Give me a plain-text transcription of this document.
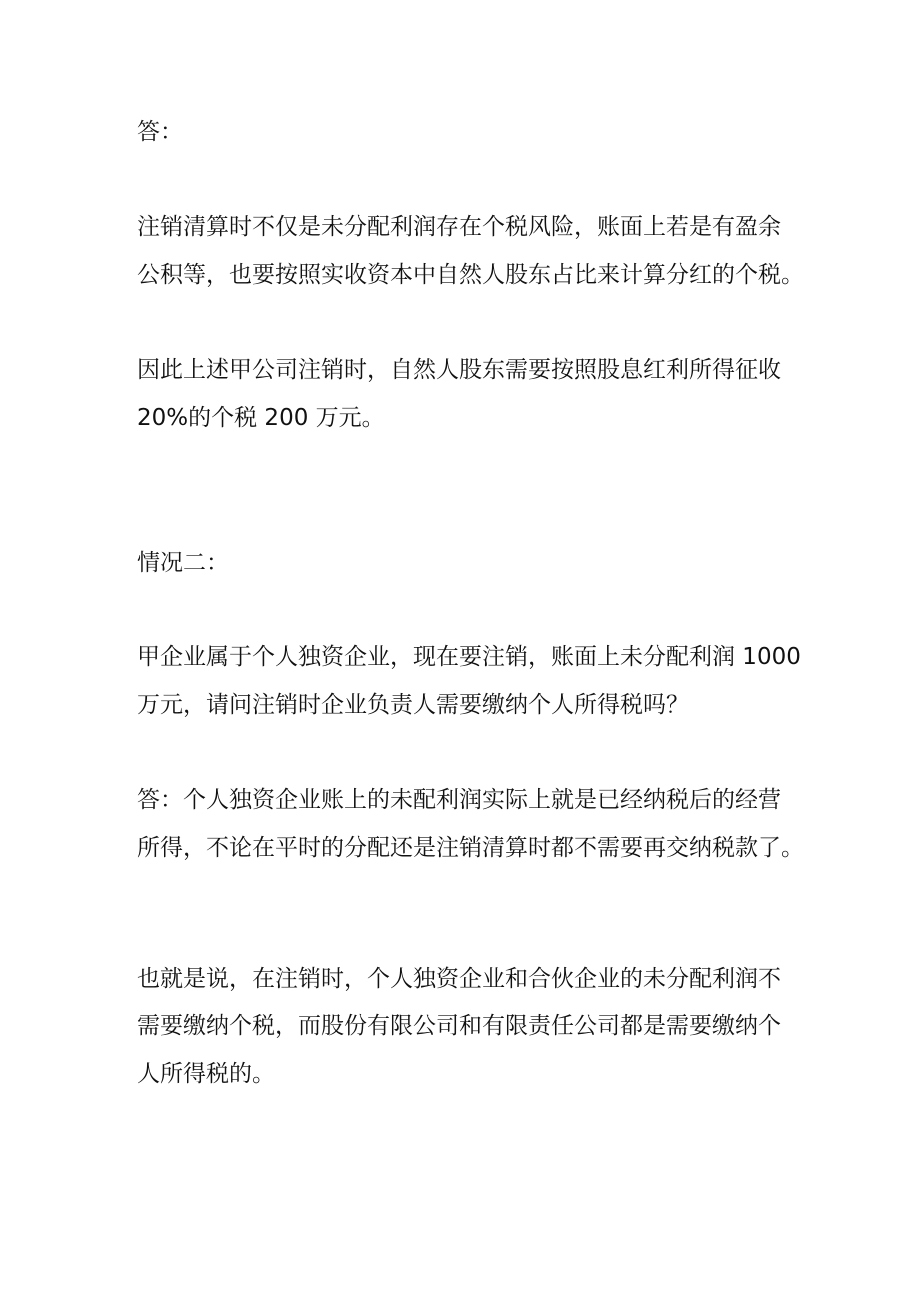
答：
注销清算时不仅是未分配利润存在个税风险，账面上若是有盈余
公积等，也要按照实收资本中自然人股东占比来计算分红的个税。
因此上述甲公司注销时，自然人股东需要按照股息红利所得征收
20%的个税 200 万元。
情况二：
甲企业属于个人独资企业，现在要注销，账面上未分配利润 1000
万元，请问注销时企业负责人需要缴纳个人所得税吗？
答：个人独资企业账上的未配利润实际上就是已经纳税后的经营
所得，不论在平时的分配还是注销清算时都不需要再交纳税款了。
也就是说，在注销时，个人独资企业和合伙企业的未分配利润不
需要缴纳个税，而股份有限公司和有限责任公司都是需要缴纳个
人所得税的。
